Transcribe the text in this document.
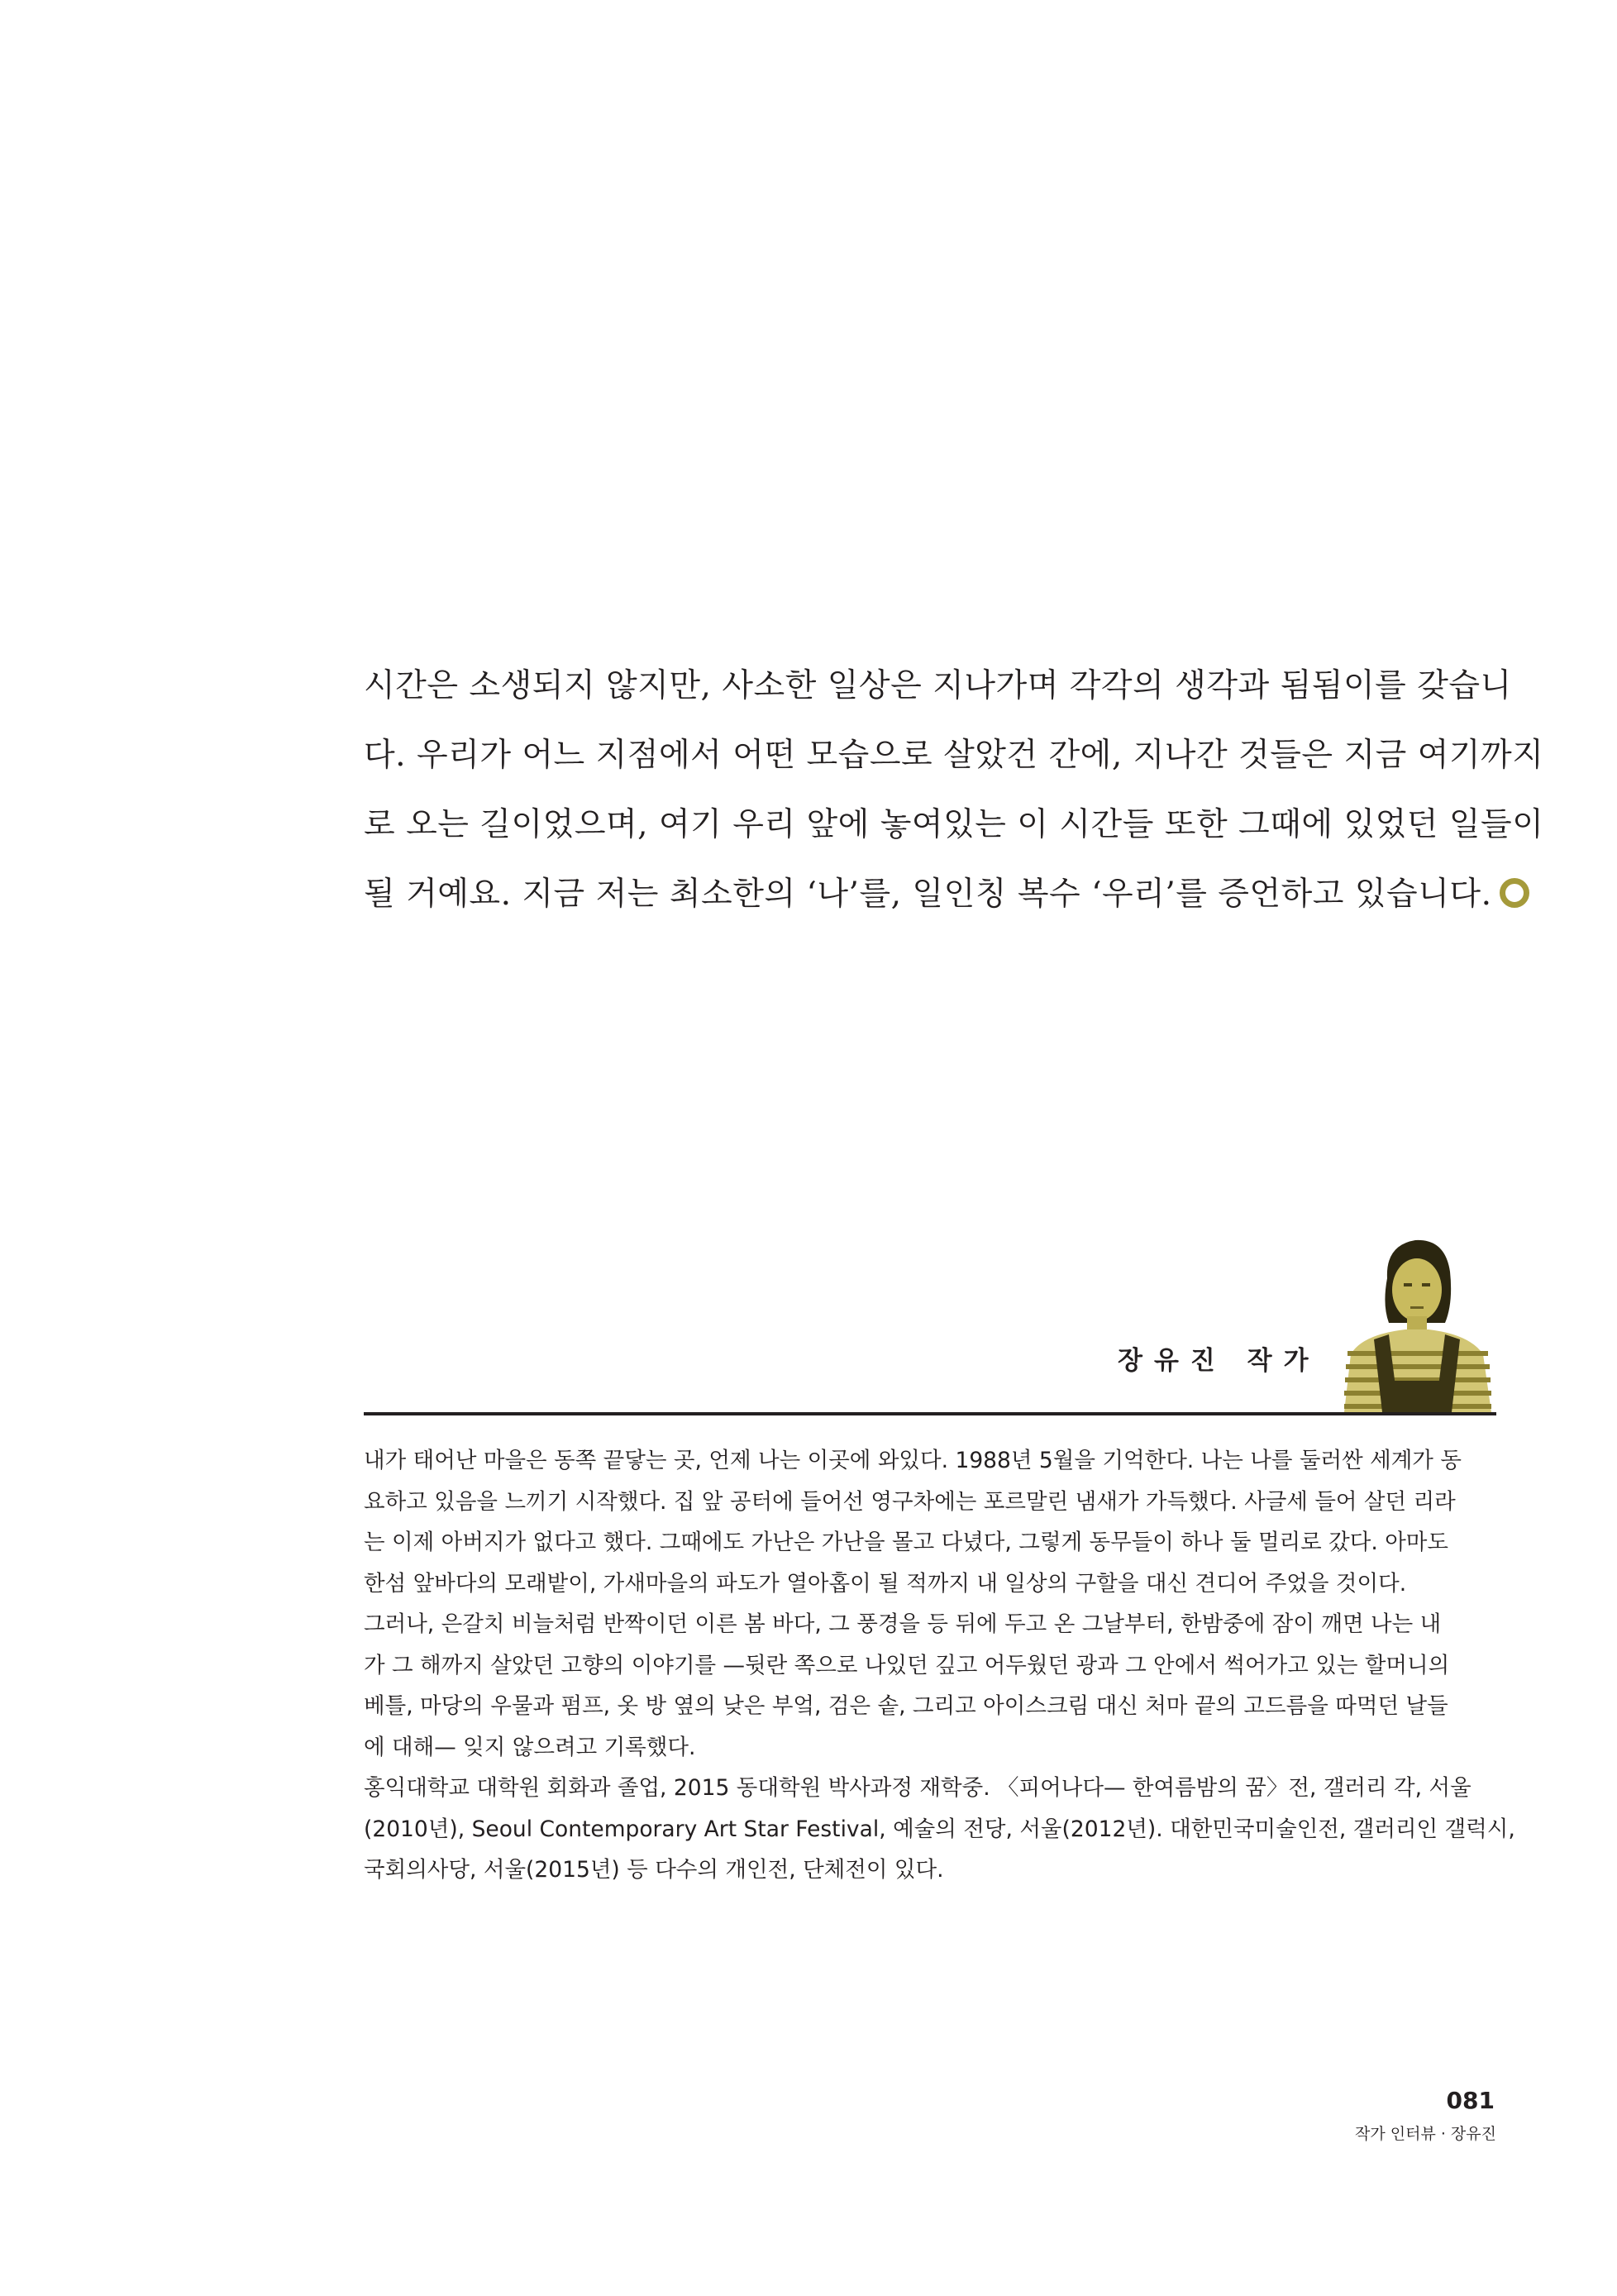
시간은 소생되지 않지만, 사소한 일상은 지나가며 각각의 생각과 됨됨이를 갖습니

다. 우리가 어느 지점에서 어떤 모습으로 살았건 간에, 지나간 것들은 지금 여기까지

로 오는 길이었으며, 여기 우리 앞에 놓여있는 이 시간들 또한 그때에 있었던 일들이

될 거예요. 지금 저는 최소한의 ‘나’를, 일인칭 복수 ‘우리’를 증언하고 있습니다.

장유진 작가

내가 태어난 마을은 동쪽 끝닿는 곳, 언제 나는 이곳에 와있다. 1988년 5월을 기억한다. 나는 나를 둘러싼 세계가 동

요하고 있음을 느끼기 시작했다. 집 앞 공터에 들어선 영구차에는 포르말린 냄새가 가득했다. 사글세 들어 살던 리라

는 이제 아버지가 없다고 했다. 그때에도 가난은 가난을 몰고 다녔다, 그렇게 동무들이 하나 둘 멀리로 갔다. 아마도

한섬 앞바다의 모래밭이, 가새마을의 파도가 열아홉이 될 적까지 내 일상의 구할을 대신 견디어 주었을 것이다.

그러나, 은갈치 비늘처럼 반짝이던 이른 봄 바다, 그 풍경을 등 뒤에 두고 온 그날부터, 한밤중에 잠이 깨면 나는 내

가 그 해까지 살았던 고향의 이야기를 —뒷란 쪽으로 나있던 깊고 어두웠던 광과 그 안에서 썩어가고 있는 할머니의

베틀, 마당의 우물과 펌프, 옷 방 옆의 낮은 부엌, 검은 솥, 그리고 아이스크림 대신 처마 끝의 고드름을 따먹던 날들

에 대해— 잊지 않으려고 기록했다.

홍익대학교 대학원 회화과 졸업, 2015 동대학원 박사과정 재학중. 〈피어나다— 한여름밤의 꿈〉전, 갤러리 각, 서울

(2010년), Seoul Contemporary Art Star Festival, 예술의 전당, 서울(2012년). 대한민국미술인전, 갤러리인 갤럭시,

국회의사당, 서울(2015년) 등 다수의 개인전, 단체전이 있다.

081
작가 인터뷰 · 장유진
